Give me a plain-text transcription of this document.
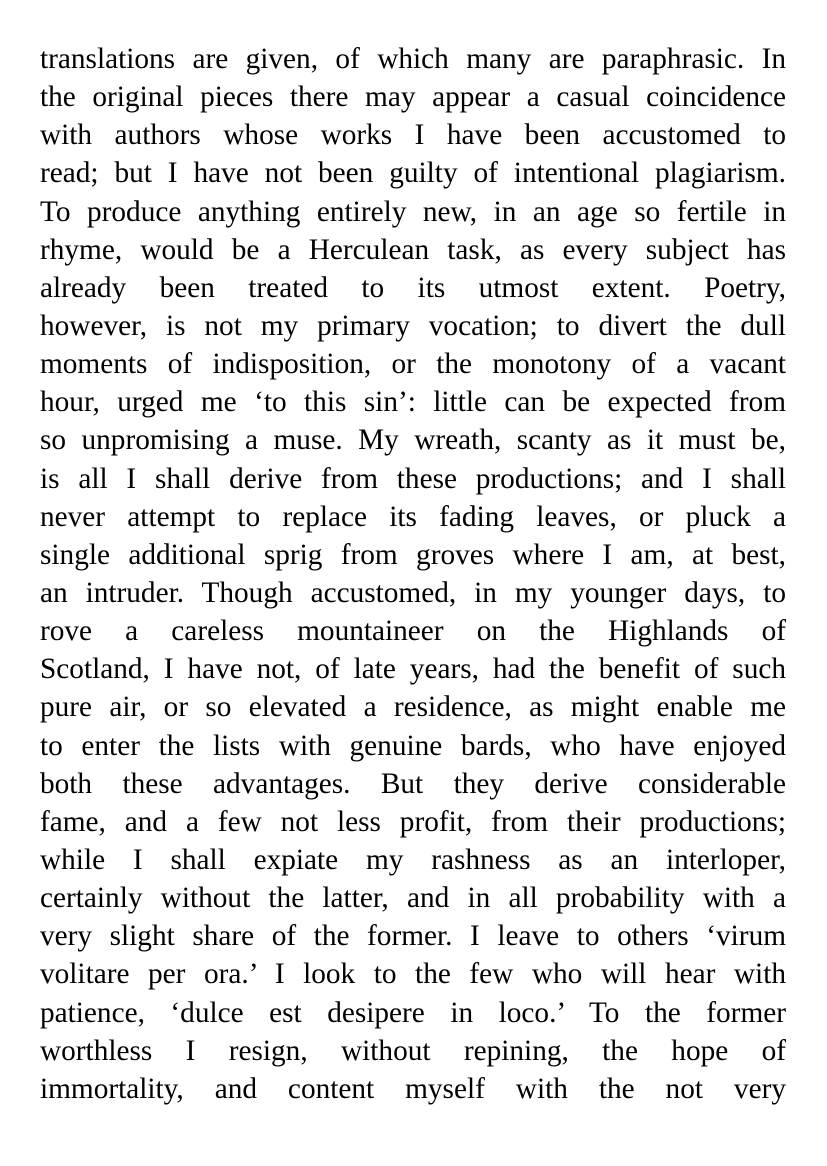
translations are given, of which many are paraphrasic. In
the original pieces there may appear a casual coincidence
with authors whose works I have been accustomed to
read; but I have not been guilty of intentional plagiarism.
To produce anything entirely new, in an age so fertile in
rhyme, would be a Herculean task, as every subject has
already been treated to its utmost extent. Poetry,
however, is not my primary vocation; to divert the dull
moments of indisposition, or the monotony of a vacant
hour, urged me ‘to this sin’: little can be expected from
so unpromising a muse. My wreath, scanty as it must be,
is all I shall derive from these productions; and I shall
never attempt to replace its fading leaves, or pluck a
single additional sprig from groves where I am, at best,
an intruder. Though accustomed, in my younger days, to
rove a careless mountaineer on the Highlands of
Scotland, I have not, of late years, had the benefit of such
pure air, or so elevated a residence, as might enable me
to enter the lists with genuine bards, who have enjoyed
both these advantages. But they derive considerable
fame, and a few not less profit, from their productions;
while I shall expiate my rashness as an interloper,
certainly without the latter, and in all probability with a
very slight share of the former. I leave to others ‘virum
volitare per ora.’ I look to the few who will hear with
patience, ‘dulce est desipere in loco.’ To the former
worthless I resign, without repining, the hope of
immortality, and content myself with the not very
